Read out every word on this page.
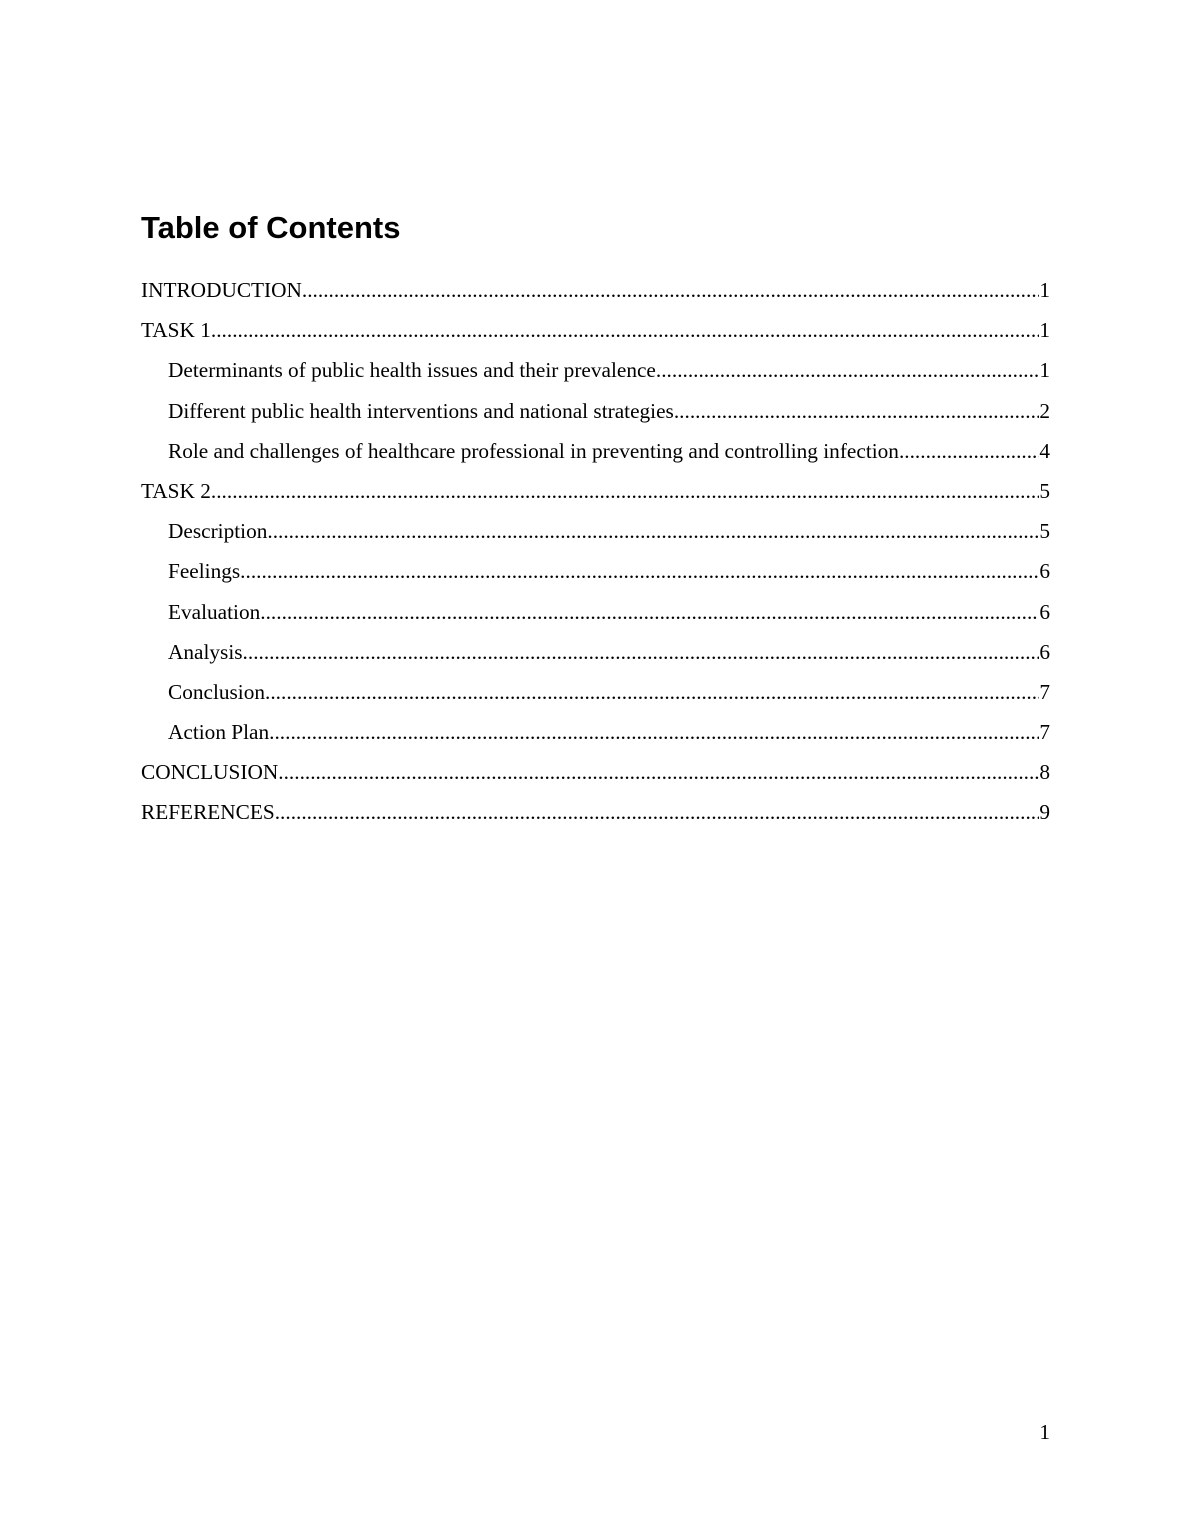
Table of Contents
INTRODUCTION .....	1
TASK 1 .....	1
Determinants of public health issues and their prevalence .....	1
Different public health interventions and national strategies .....	2
Role and challenges of healthcare professional in preventing and controlling infection .....	4
TASK 2 .....	5
Description .....	5
Feelings .....	6
Evaluation .....	6
Analysis .....	6
Conclusion .....	7
Action Plan .....	7
CONCLUSION .....	8
REFERENCES .....	9
1
